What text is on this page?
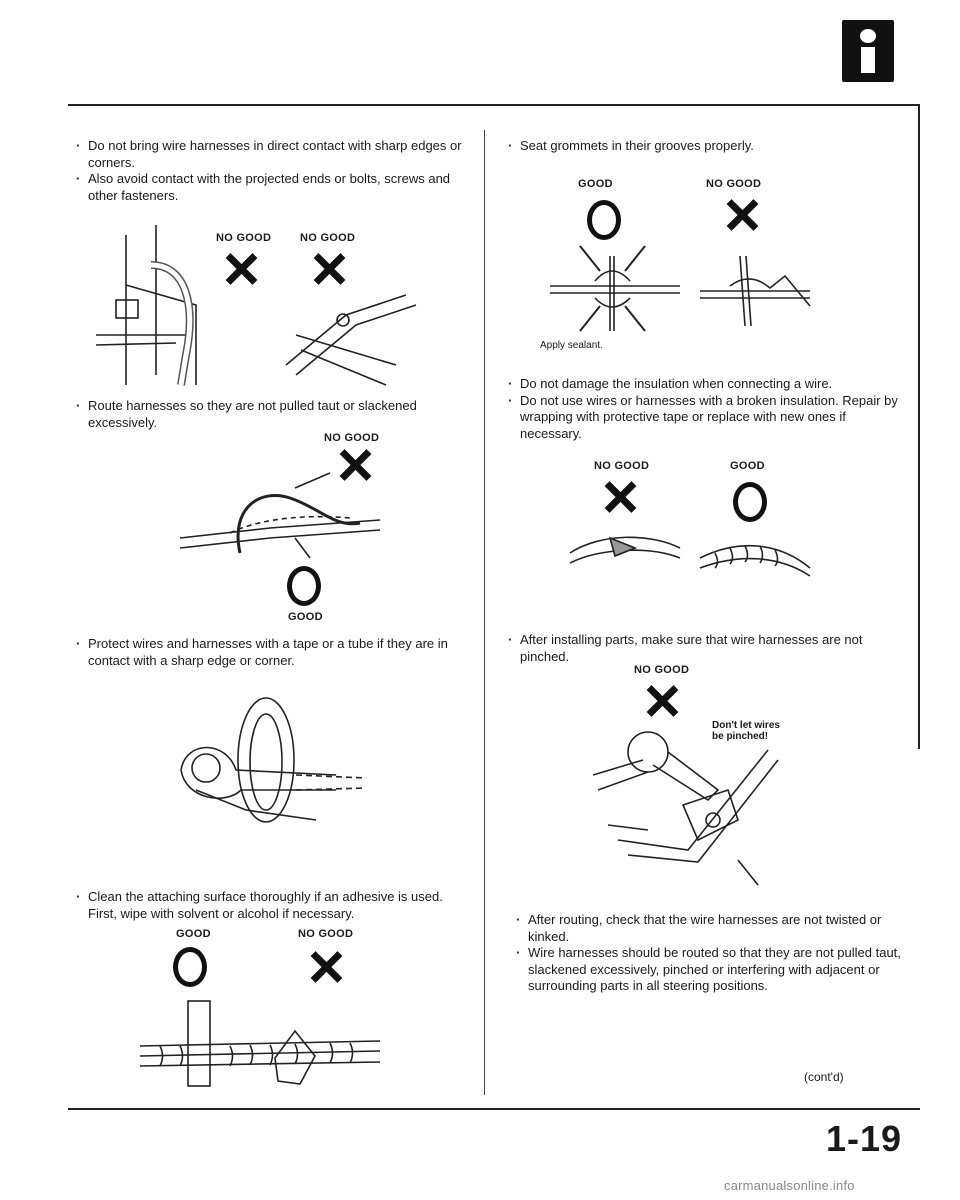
· Do not bring wire harnesses in direct contact with sharp edges or corners.
· Also avoid contact with the projected ends or bolts, screws and other fasteners.
NO GOOD	NO GOOD
· Route harnesses so they are not pulled taut or slackened excessively.
NO GOOD
GOOD
· Protect wires and harnesses with a tape or a tube if they are in contact with a sharp edge or corner.
· Clean the attaching surface thoroughly if an adhesive is used. First, wipe with solvent or alcohol if necessary.
GOOD	NO GOOD
· Seat grommets in their grooves properly.
GOOD	NO GOOD
Apply sealant.
· Do not damage the insulation when connecting a wire.
· Do not use wires or harnesses with a broken insulation. Repair by wrapping with protective tape or replace with new ones if necessary.
NO GOOD	GOOD
· After installing parts, make sure that wire harnesses are not pinched.
NO GOOD
Don't let wires
be pinched!
· After routing, check that the wire harnesses are not twisted or kinked.
· Wire harnesses should be routed so that they are not pulled taut, slackened excessively, pinched or interfering with adjacent or surrounding parts in all steering positions.
(cont'd)
1-19
carmanualsonline.info
